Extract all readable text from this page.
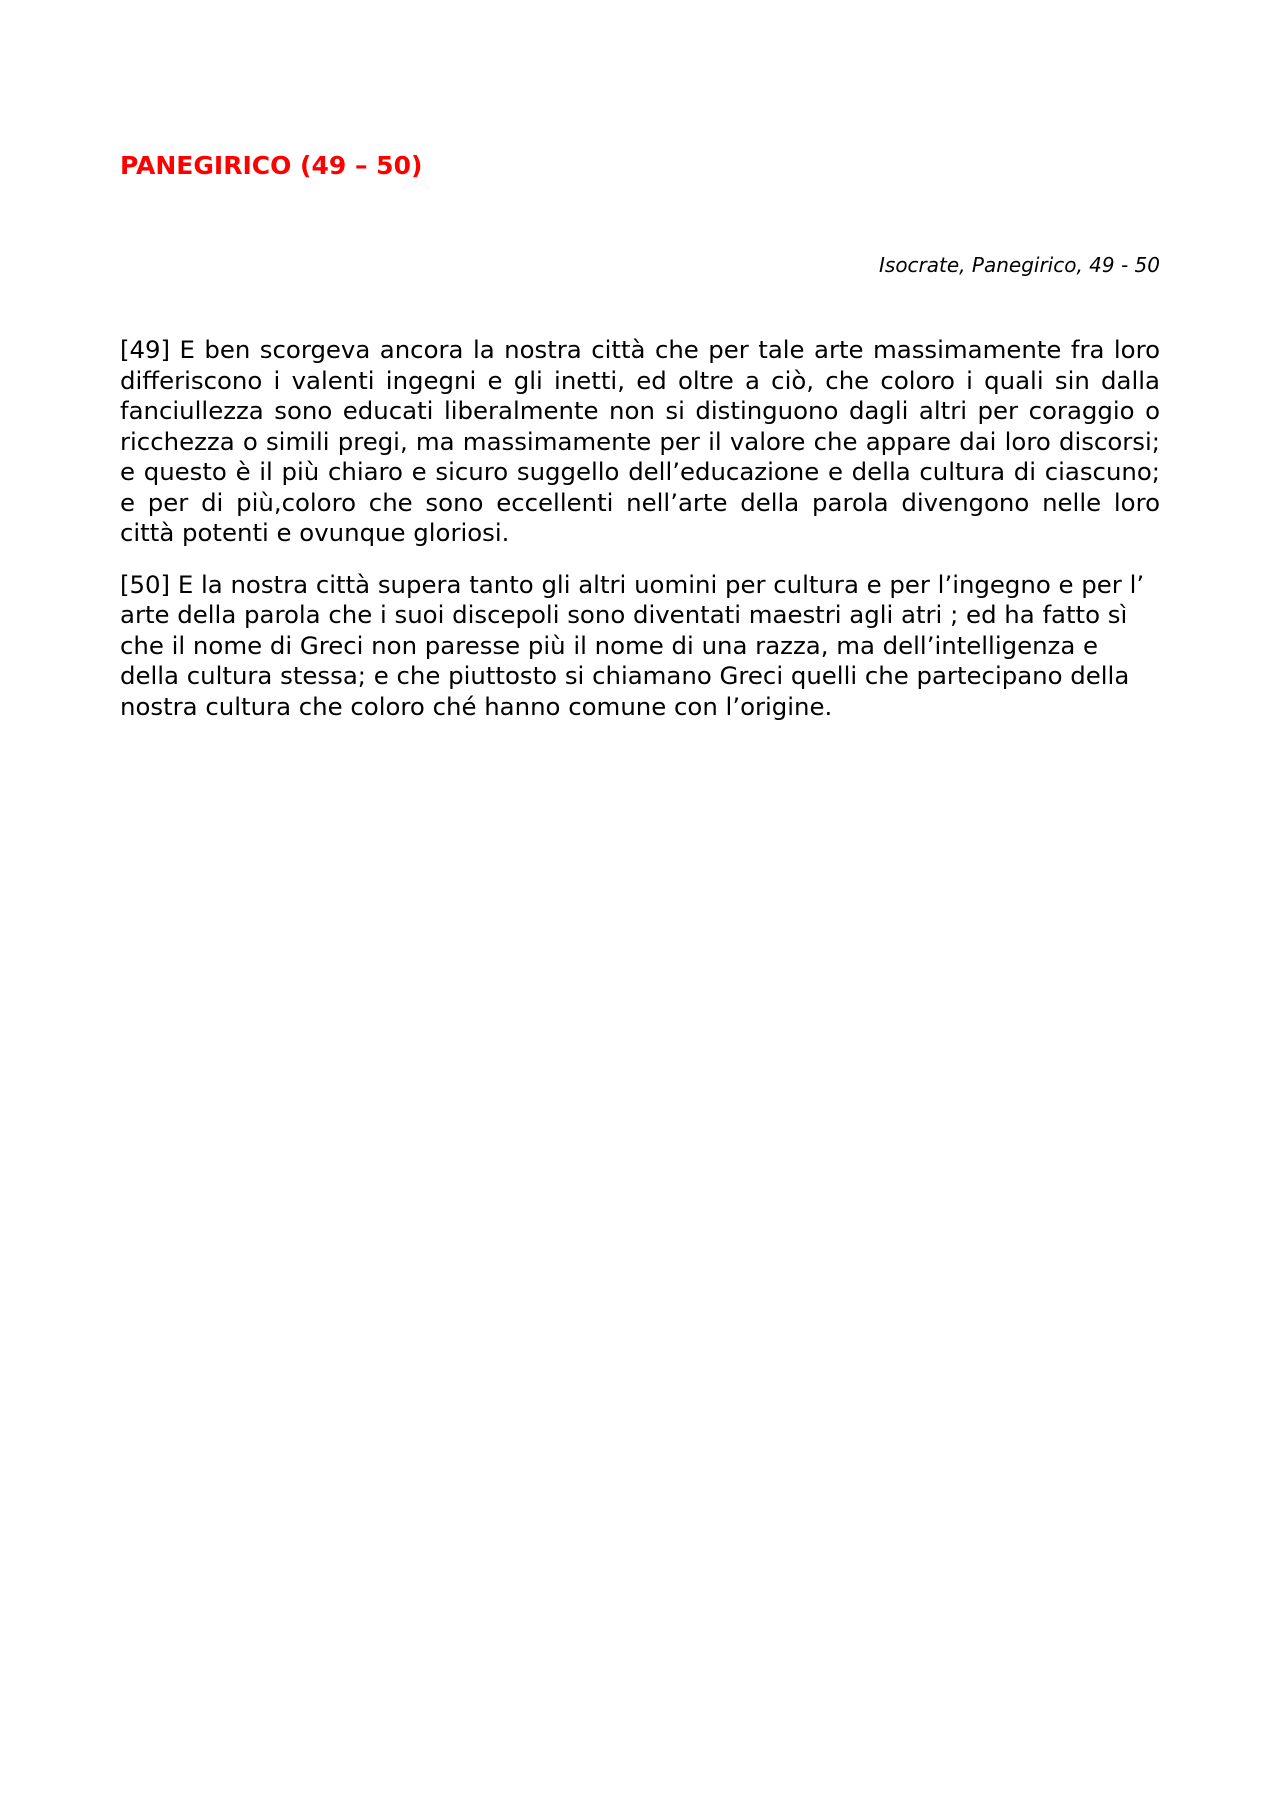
PANEGIRICO (49 – 50)

Isocrate, Panegirico, 49 - 50

[49] E ben scorgeva ancora la nostra città che per tale arte massimamente fra loro differiscono i valenti ingegni e gli inetti, ed oltre a ciò, che coloro i quali sin dalla fanciullezza sono educati liberalmente non si distinguono dagli altri per coraggio o ricchezza o simili pregi, ma massimamente per il valore che appare dai loro discorsi; e questo è il più chiaro e sicuro suggello dell’educazione e della cultura di ciascuno; e per di più,coloro che sono eccellenti nell’arte della parola divengono nelle loro città potenti e ovunque gloriosi.

[50] E la nostra città supera tanto gli altri uomini per cultura e per l’ingegno e per l’ arte della parola che i suoi discepoli sono diventati maestri agli atri ; ed ha fatto sì che il nome di Greci non paresse più il nome di una razza, ma dell’intelligenza e della cultura stessa; e che piuttosto si chiamano Greci quelli che partecipano della nostra cultura che coloro ché hanno comune con l’origine.
